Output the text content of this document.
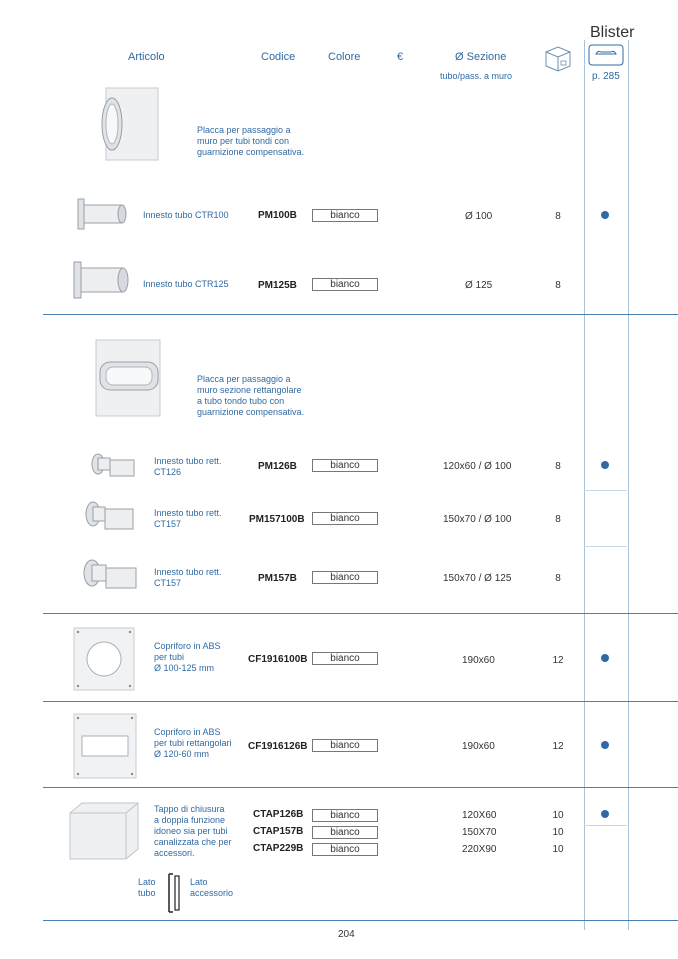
Blister
p. 285
Articolo	Codice	Colore	€	Ø Sezione
tubo/pass. a muro
Placca per passaggio a
muro per tubi tondi con
guarnizione compensativa.
Innesto tubo CTR100	PM100B	bianco	Ø 100	8
Innesto tubo CTR125	PM125B	bianco	Ø 125	8
Placca per passaggio a
muro sezione rettangolare
a tubo tondo tubo con
guarnizione compensativa.
Innesto tubo rett.
CT126	PM126B	bianco	120x60 / Ø 100	8
Innesto tubo rett.
CT157	PM157100B	bianco	150x70 / Ø 100	8
Innesto tubo rett.
CT157	PM157B	bianco	150x70 / Ø 125	8
Copriforo in ABS
per tubi
Ø 100-125 mm
CF1916100B	bianco	190x60	12
Copriforo in ABS
per tubi rettangolari
Ø 120-60 mm
CF1916126B	bianco	190x60	12
Tappo di chiusura
a doppia funzione
idoneo sia per tubi
canalizzata che per
accessori.
Lato
tubo
Lato
accessorio
CTAP126B	bianco	120X60	10
CTAP157B	bianco	150X70	10
CTAP229B	bianco	220X90	10
204
